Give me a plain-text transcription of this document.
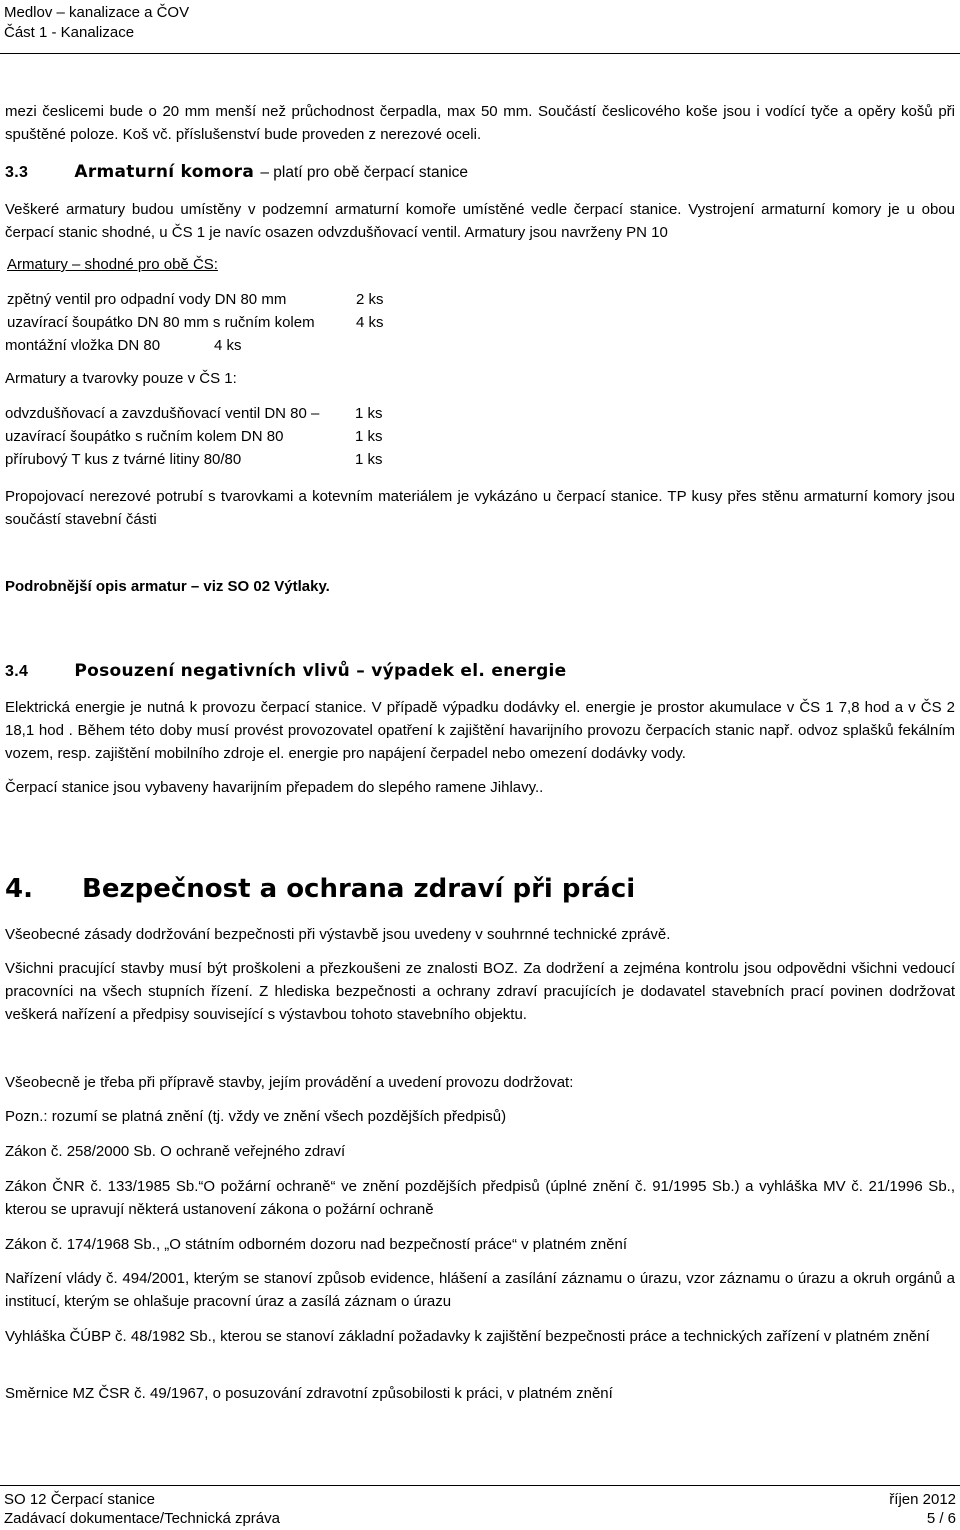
Medlov – kanalizace a ČOV
Část 1 - Kanalizace
mezi česlicemi bude o 20 mm menší než průchodnost čerpadla, max 50 mm. Součástí česlicového koše jsou i vodící tyče a opěry košů při spuštěné poloze. Koš vč. příslušenství bude proveden z nerezové oceli.
3.3	Armaturní komora – platí pro obě čerpací stanice
Veškeré armatury budou umístěny v podzemní armaturní komoře umístěné vedle čerpací stanice. Vystrojení armaturní komory je u obou čerpací stanic shodné, u ČS 1 je navíc osazen odvzdušňovací ventil. Armatury jsou navrženy PN 10
Armatury – shodné pro obě ČS:
zpětný ventil pro odpadní vody DN 80 mm	2 ks
uzavírací šoupátko DN 80 mm s ručním kolem	4 ks
montážní vložka DN 80	4 ks
Armatury a tvarovky pouze v ČS 1:
odvzdušňovací a zavzdušňovací ventil DN 80 – 1 ks
uzavírací šoupátko s ručním kolem DN 80	1 ks
přírubový T kus z tvárné litiny 80/80	1 ks
Propojovací nerezové potrubí s tvarovkami a kotevním materiálem je vykázáno u čerpací stanice. TP kusy přes stěnu armaturní komory jsou součástí stavební části
Podrobnější opis armatur – viz SO 02 Výtlaky.
3.4	Posouzení negativních vlivů – výpadek el. energie
Elektrická energie je nutná k provozu čerpací stanice. V případě výpadku dodávky el. energie je prostor akumulace v ČS 1 7,8 hod a v ČS 2 18,1 hod . Během této doby musí provést provozovatel opatření k zajištění havarijního provozu čerpacích stanic např. odvoz splašků fekálním vozem, resp. zajištění mobilního zdroje el. energie pro napájení čerpadel nebo omezení dodávky vody.
Čerpací stanice jsou vybaveny havarijním přepadem do slepého ramene Jihlavy..
4. Bezpečnost a ochrana zdraví při práci
Všeobecné zásady dodržování bezpečnosti při výstavbě jsou uvedeny v souhrnné technické zprávě.
Všichni pracující stavby musí být proškoleni a přezkoušeni ze znalosti BOZ. Za dodržení a zejména kontrolu jsou odpovědni všichni vedoucí pracovníci na všech stupních řízení. Z hlediska bezpečnosti a ochrany zdraví pracujících je dodavatel stavebních prací povinen dodržovat veškerá nařízení a předpisy související s výstavbou tohoto stavebního objektu.
Všeobecně je třeba při přípravě stavby, jejím provádění a uvedení provozu dodržovat:
Pozn.: rozumí se platná znění (tj. vždy ve znění všech pozdějších předpisů)
Zákon č. 258/2000 Sb. O ochraně veřejného zdraví
Zákon ČNR č. 133/1985 Sb.“O požární ochraně“ ve znění pozdějších předpisů (úplné znění č. 91/1995 Sb.) a vyhláška MV č. 21/1996 Sb., kterou se upravují některá ustanovení zákona o požární ochraně
Zákon č. 174/1968 Sb., „O státním odborném dozoru nad bezpečností práce“ v platném znění
Nařízení vlády č. 494/2001, kterým se stanoví způsob evidence, hlášení a zasílání záznamu o úrazu, vzor záznamu o úrazu a okruh orgánů a institucí, kterým se ohlašuje pracovní úraz a zasílá záznam o úrazu
Vyhláška ČÚBP č. 48/1982 Sb., kterou se stanoví základní požadavky k zajištění bezpečnosti práce a technických zařízení v platném znění
Směrnice MZ ČSR č. 49/1967, o posuzování zdravotní způsobilosti k práci, v platném znění
SO 12 Čerpací stanice	říjen 2012
Zadávací dokumentace/Technická zpráva	5 / 6
